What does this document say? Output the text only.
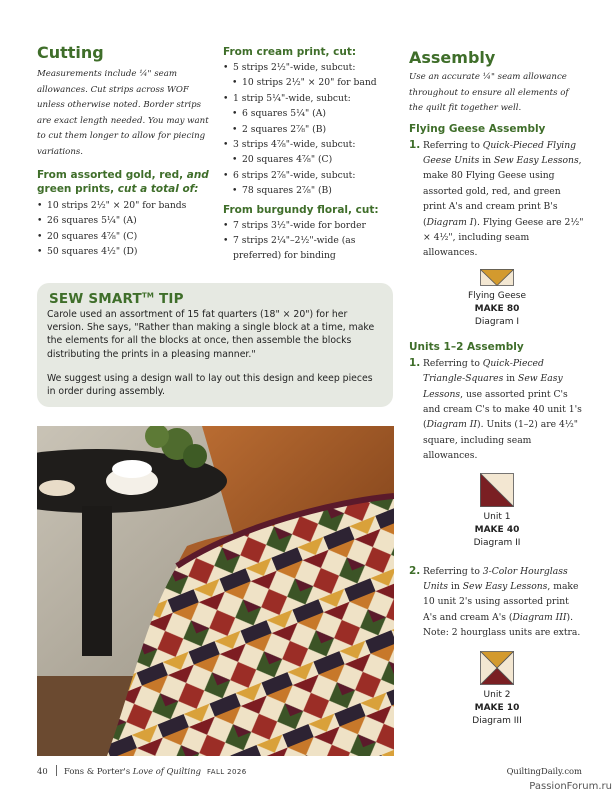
Cutting

Measurements include ¼" seam allowances. Cut strips across WOF unless otherwise noted. Border strips are exact length needed. You may want to cut them longer to allow for piecing variations.

From assorted gold, red, and green prints, cut a total of:
• 10 strips 2½" × 20" for bands
• 26 squares 5¼" (A)
• 20 squares 4⅞" (C)
• 50 squares 4½" (D)
From cream print, cut:
• 5 strips 2½"-wide, subcut:
• 10 strips 2½" × 20" for band
• 1 strip 5¼"-wide, subcut:
• 6 squares 5¼" (A)
• 2 squares 2⅞" (B)
• 3 strips 4⅞"-wide, subcut:
• 20 squares 4⅞" (C)
• 6 strips 2⅞"-wide, subcut:
• 78 squares 2⅞" (B)
From burgundy floral, cut:
• 7 strips 3½"-wide for border
• 7 strips 2¼"–2½"-wide (as preferred) for binding
Assembly

Use an accurate ¼" seam allowance throughout to ensure all elements of the quilt fit together well.

Flying Geese Assembly
1. Referring to Quick-Pieced Flying Geese Units in Sew Easy Lessons, make 80 Flying Geese using assorted gold, red, and green print A's and cream print B's (Diagram I). Flying Geese are 2½" × 4½", including seam allowances.
Flying Geese
MAKE 80
Diagram I
Units 1–2 Assembly
1. Referring to Quick-Pieced Triangle-Squares in Sew Easy Lessons, use assorted print C's and cream C's to make 40 unit 1's (Diagram II). Units (1–2) are 4½" square, including seam allowances.
Unit 1
MAKE 40
Diagram II
2. Referring to 3-Color Hourglass Units in Sew Easy Lessons, make 10 unit 2's using assorted print A's and cream A's (Diagram III). Note: 2 hourglass units are extra.
Unit 2
MAKE 10
Diagram III
SEW SMART™ TIP

Carole used an assortment of 15 fat quarters (18" × 20") for her version. She says, "Rather than making a single block at a time, make the elements for all the blocks at once, then assemble the blocks distributing the prints in a pleasing manner."

We suggest using a design wall to lay out this design and keep pieces in order during assembly.

40 Fons & Porter's Love of Quilting FALL 2026	QuiltingDaily.com
PassionForum.ru
